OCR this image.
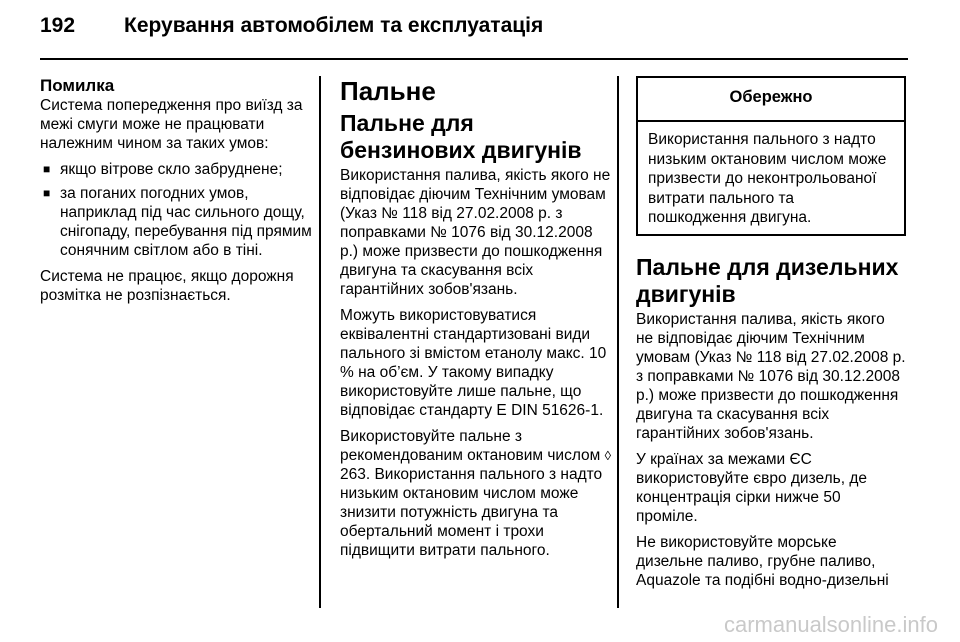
192 Керування автомобілем та експлуатація
Помилка

Система попередження про виїзд за межі смуги може не працювати належним чином за таких умов:

■ якщо вітрове скло забруднене;
■ за поганих погодних умов, наприклад під час сильного дощу, снігопаду, перебування під прямим сонячним світлом або в тіні.

Система не працює, якщо дорожня розмітка не розпізнається.

Пальне
Пальне для бензинових двигунів

Використання палива, якість якого не відповідає діючим Технічним умовам (Указ № 118 від 27.02.2008 р. з поправками № 1076 від 30.12.2008 р.) може призвести до пошкодження двигуна та скасування всіх гарантійних зобов'язань.

Можуть використовуватися еквівалентні стандартизовані види пального зі вмістом етанолу макс. 10 % на об’єм. У такому випадку використовуйте лише пальне, що відповідає стандарту E DIN 51626-1.

Використовуйте пальне з рекомендованим октановим числом ◊ 263. Використання пального з надто низьким октановим числом може знизити потужність двигуна та обертальний момент і трохи підвищити витрати пального.

Обережно
Використання пального з надто низьким октановим числом може призвести до неконтрольованої витрати пального та пошкодження двигуна.
Пальне для дизельних двигунів

Використання палива, якість якого не відповідає діючим Технічним умовам (Указ № 118 від 27.02.2008 р. з поправками № 1076 від 30.12.2008 р.) може призвести до пошкодження двигуна та скасування всіх гарантійних зобов'язань.

У країнах за межами ЄС використовуйте євро дизель, де концентрація сірки нижче 50 проміле.

Не використовуйте морське дизельне паливо, грубне паливо, Aquazole та подібні водно-дизельні

carmanualsonline.info
